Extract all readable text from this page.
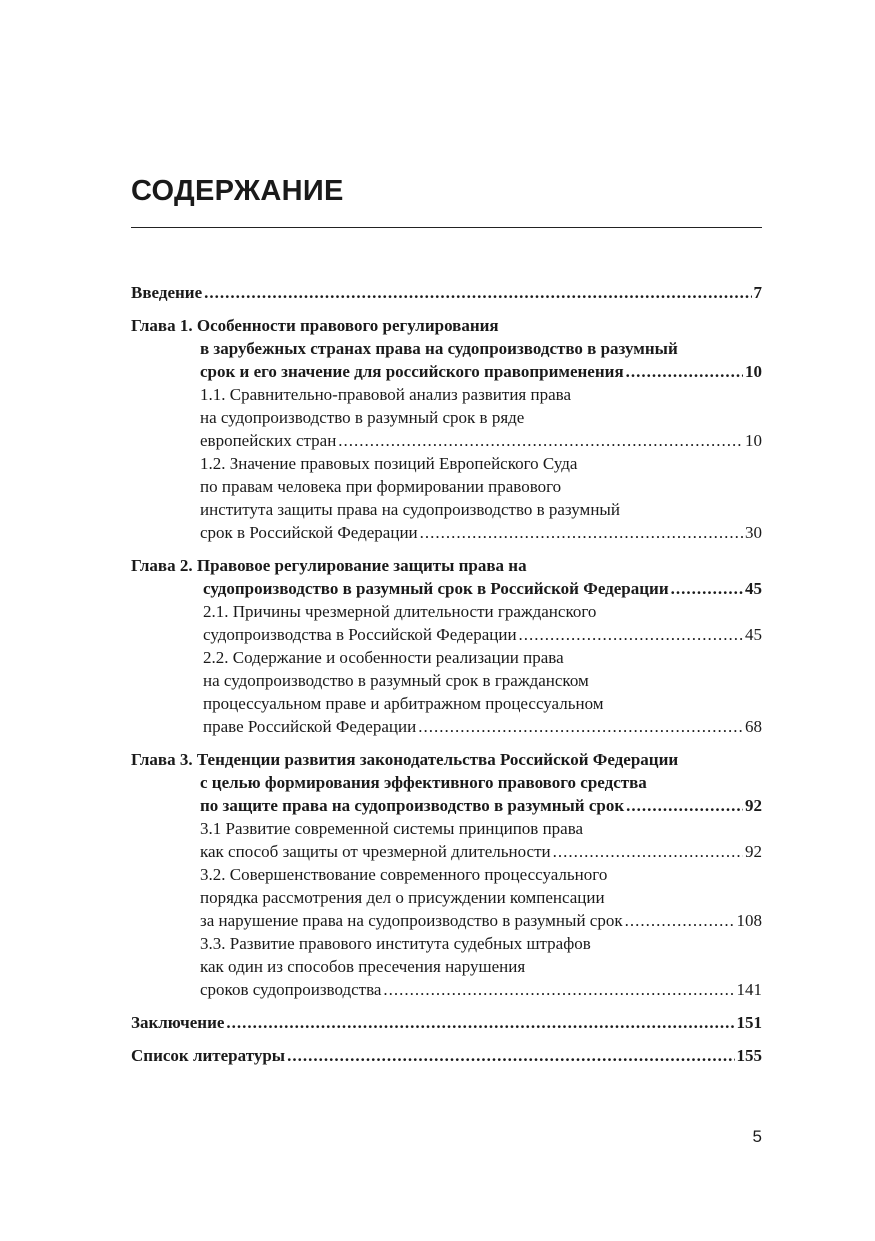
СОДЕРЖАНИЕ
Введение .....	7
Глава 1. Особенности правового регулирования
в зарубежных странах права на судопроизводство в разумный
срок и его значение для российского правоприменения .....	10
1.1. Сравнительно-правовой анализ развития права
на судопроизводство в разумный срок в ряде
европейских стран .....	10
1.2. Значение правовых позиций Европейского Суда
по правам человека при формировании правового
института защиты права на судопроизводство в разумный
срок в Российской Федерации .....	30
Глава 2. Правовое регулирование защиты права на
судопроизводство в разумный срок в Российской Федерации .....	45
2.1. Причины чрезмерной длительности гражданского
судопроизводства в Российской Федерации .....	45
2.2. Содержание и особенности реализации права
на судопроизводство в разумный срок в гражданском
процессуальном праве и арбитражном процессуальном
праве Российской Федерации .....	68
Глава 3. Тенденции развития законодательства Российской Федерации
с целью формирования эффективного правового средства
по защите права на судопроизводство в разумный срок .....	92
3.1 Развитие современной системы принципов права
как способ защиты от чрезмерной длительности .....	92
3.2. Совершенствование современного процессуального
порядка рассмотрения дел о присуждении компенсации
за нарушение права на судопроизводство в разумный срок .....	108
3.3. Развитие правового института судебных штрафов
как один из способов пресечения нарушения
сроков судопроизводства .....	141
Заключение .....	151
Список литературы .....	155
5
